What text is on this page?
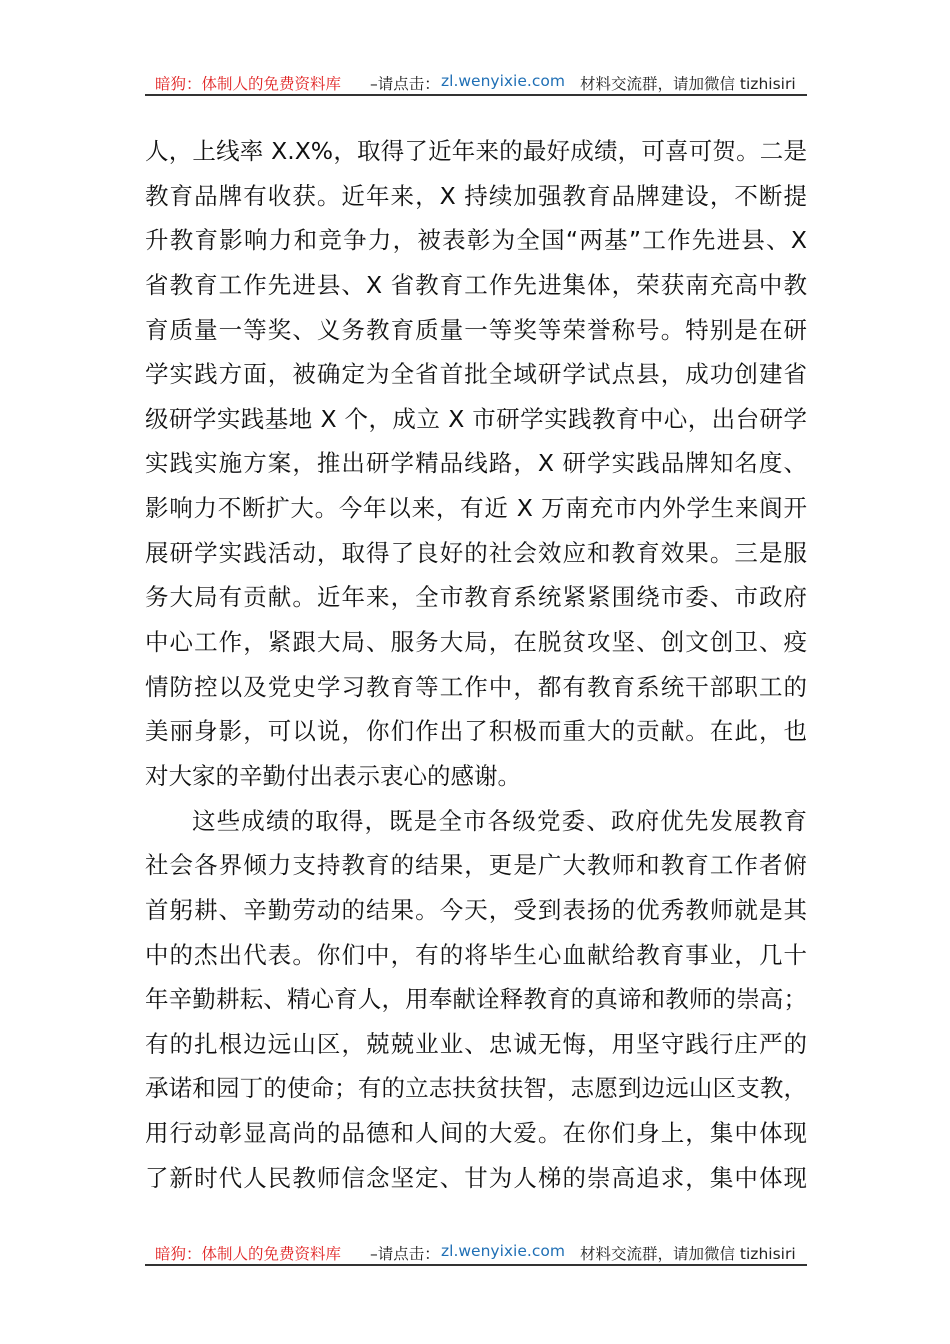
暗狗：体制人的免费资料库 –请点击： zl.wenyixie.com 材料交流群，请加微信 tizhisiri
人，上线率 X.X%，取得了近年来的最好成绩，可喜可贺。二是
教育品牌有收获。近年来，X 持续加强教育品牌建设，不断提
升教育影响力和竞争力，被表彰为全国“两基”工作先进县、X
省教育工作先进县、X 省教育工作先进集体，荣获南充高中教
育质量一等奖、义务教育质量一等奖等荣誉称号。特别是在研
学实践方面，被确定为全省首批全域研学试点县，成功创建省
级研学实践基地 X 个，成立 X 市研学实践教育中心，出台研学
实践实施方案，推出研学精品线路，X 研学实践品牌知名度、
影响力不断扩大。今年以来，有近 X 万南充市内外学生来阆开
展研学实践活动，取得了良好的社会效应和教育效果。三是服
务大局有贡献。近年来，全市教育系统紧紧围绕市委、市政府
中心工作，紧跟大局、服务大局，在脱贫攻坚、创文创卫、疫
情防控以及党史学习教育等工作中，都有教育系统干部职工的
美丽身影，可以说，你们作出了积极而重大的贡献。在此，也
对大家的辛勤付出表示衷心的感谢。
这些成绩的取得，既是全市各级党委、政府优先发展教育
社会各界倾力支持教育的结果，更是广大教师和教育工作者俯
首躬耕、辛勤劳动的结果。今天，受到表扬的优秀教师就是其
中的杰出代表。你们中，有的将毕生心血献给教育事业，几十
年辛勤耕耘、精心育人，用奉献诠释教育的真谛和教师的崇高；
有的扎根边远山区，兢兢业业、忠诚无悔，用坚守践行庄严的
承诺和园丁的使命；有的立志扶贫扶智，志愿到边远山区支教，
用行动彰显高尚的品德和人间的大爱。在你们身上，集中体现
了新时代人民教师信念坚定、甘为人梯的崇高追求，集中体现
暗狗：体制人的免费资料库 –请点击： zl.wenyixie.com 材料交流群，请加微信 tizhisiri
